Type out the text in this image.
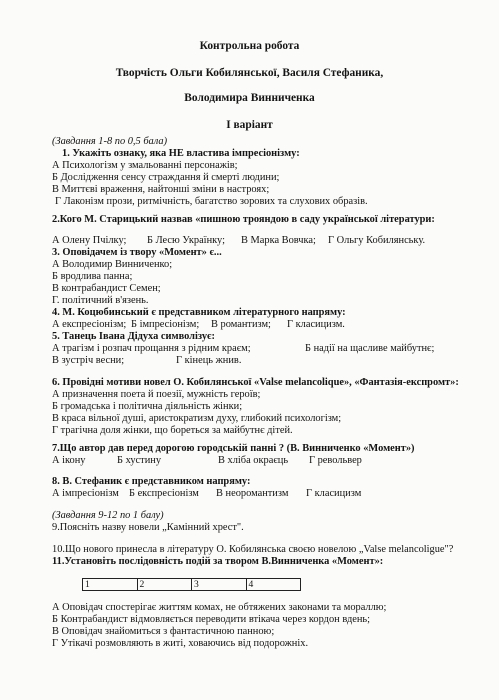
Контрольна робота
Творчість Ольги Кобилянської, Василя Стефаника,
Володимира Винниченка
І варіант
(Завдання 1-8 по 0,5 бала)
1. Укажіть ознаку, яка НЕ властива імпресіонізму:
А Психологізм у змальованні персонажів;
Б Дослідження сенсу страждання й смерті людини;
В Миттєві враження, найтонші зміни в настроях;
Г Лаконізм прози, ритмічність, багатство зорових та слухових образів.
2.Кого М. Старицький назвав «пишною трояндою в саду української літератури:
А Олену Пчілку; Б Лесю Українку; В Марка Вовчка; Г Ольгу Кобилянську.
3. Оповідачем із твору «Момент» є...
А Володимир Винниченко;
Б вродлива панна;
В контрабандист Семен;
Г. політичний в'язень.
4. М. Коцюбинський є представником літературного напряму:
А експресіонізм; Б імпресіонізм; В романтизм; Г класицизм.
5. Танець Івана Дідуха символізує:
А трагізм і розпач прощання з рідним краєм;	Б надії на щасливе майбутнє;
В зустріч весни;	Г кінець жнив.
6. Провідні мотиви новел О. Кобилянської «Valse melancolique», «Фантазія-експромт»:
А призначення поета й поезії, мужність героїв;
Б громадська і політична діяльність жінки;
В краса вільної душі, аристократизм духу, глибокий психологізм;
Г трагічна доля жінки, що бореться за майбутнє дітей.
7.Що автор дав перед дорогою городській панні ? (В. Винниченко «Момент»)
А ікону	Б хустину	В хліба окраєць Г револьвер
8. В. Стефаник є представником напряму:
А імпресіонізм Б експресіонізм В неоромантизм Г класицизм
(Завдання 9-12 по 1 балу)
9.Поясніть назву новели „Камінний хрест".
10.Що нового принесла в літературу О. Кобилянська своєю новелою „Valse melancoligue"?
11.Установіть послідовність подій за твором В.Винниченка «Момент»:
1	2	3	4
А Оповідач спостерігає життям комах, не обтяжених законами та мораллю;
Б Контрабандист відмовляється переводити втікача через кордон вдень;
В Оповідач знайомиться з фантастичною панною;
Г Утікачі розмовляють в житі, ховаючись від подорожніх.
